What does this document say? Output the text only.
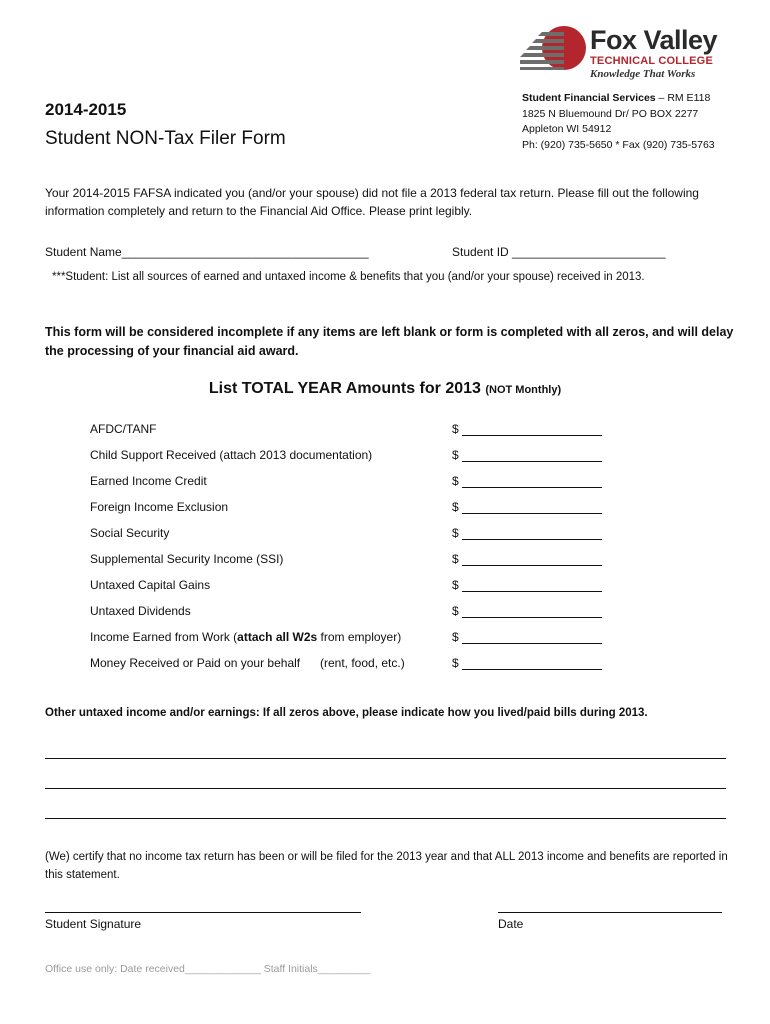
Fox Valley
TECHNICAL COLLEGE
Knowledge That Works
Student Financial Services – RM E118
1825 N Bluemound Dr/ PO BOX 2277
Appleton WI 54912
Ph: (920) 735-5650 * Fax (920) 735-5763
2014-2015
Student NON-Tax Filer Form
Your 2014-2015 FAFSA indicated you (and/or your spouse) did not file a 2013 federal tax return. Please fill out the following information completely and return to the Financial Aid Office. Please print legibly.
Student Name_____________________________________	Student ID _______________________
***Student: List all sources of earned and untaxed income & benefits that you (and/or your spouse) received in 2013.
This form will be considered incomplete if any items are left blank or form is completed with all zeros, and will delay the processing of your financial aid award.
List TOTAL YEAR Amounts for 2013 (NOT Monthly)
AFDC/TANF	$
Child Support Received (attach 2013 documentation)	$
Earned Income Credit	$
Foreign Income Exclusion	$
Social Security	$
Supplemental Security Income (SSI)	$
Untaxed Capital Gains	$
Untaxed Dividends	$
Income Earned from Work (attach all W2s from employer)	$
Money Received or Paid on your behalf (rent, food, etc.)	$
Other untaxed income and/or earnings: If all zeros above, please indicate how you lived/paid bills during 2013.
(We) certify that no income tax return has been or will be filed for the 2013 year and that ALL 2013 income and benefits are reported in this statement.
Student Signature	Date
Office use only: Date received_____________ Staff Initials_________
